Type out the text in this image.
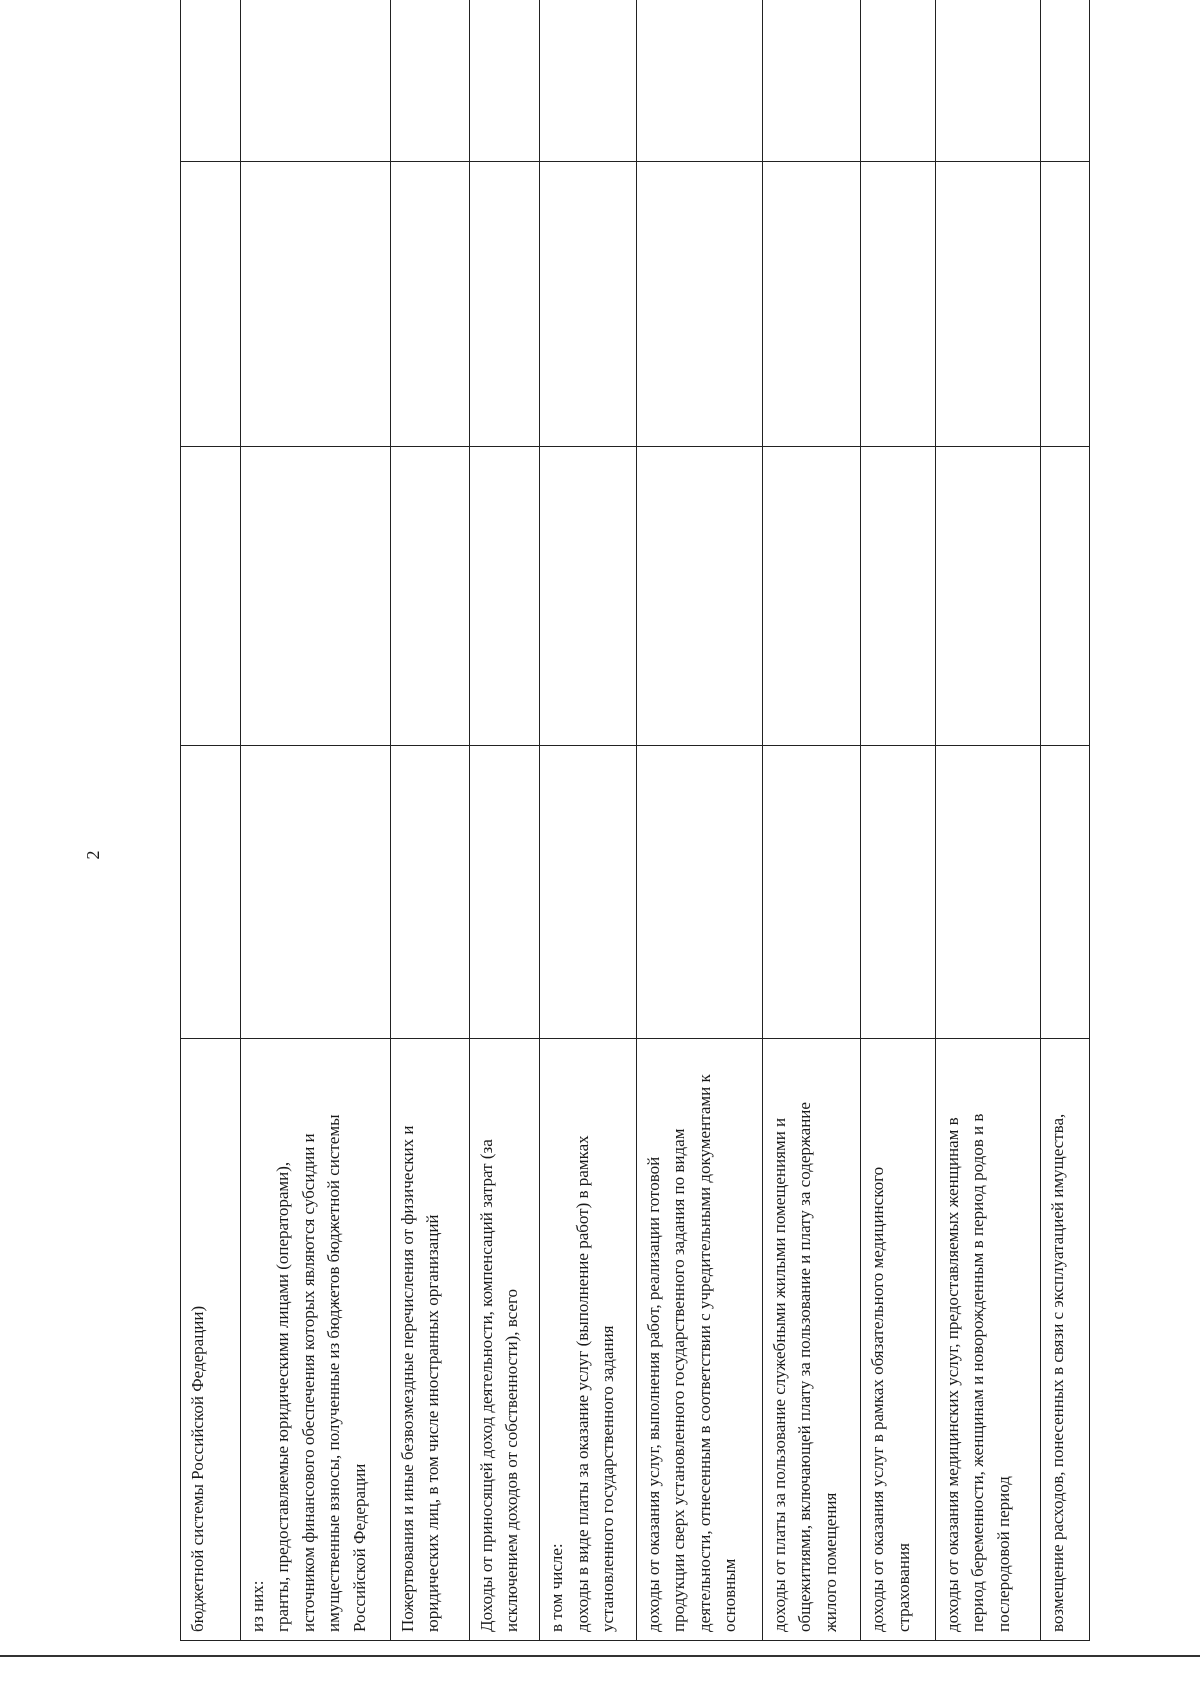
2
бюджетной системы Российской Федерации)				

из них: гранты, предоставляемые юридическими лицами (операторами), источником финансового обеспечения которых являются субсидии и имущественные взносы, полученные из бюджетов бюджетной системы Российской Федерации				

Пожертвования и иные безвозмездные перечисления от физических и юридических лиц, в том числе иностранных организаций				

Доходы от приносящей доход деятельности, компенсаций затрат (за исключением доходов от собственности), всего				

в том числе: доходы в виде платы за оказание услуг (выполнение работ) в рамках установленного государственного задания				

доходы от оказания услуг, выполнения работ, реализации готовой продукции сверх установленного государственного задания по видам деятельности, отнесенным в соответствии с учредительными документами к основным				

доходы от платы за пользование служебными жилыми помещениями и общежитиями, включающей плату за пользование и плату за содержание жилого помещения				

доходы от оказания услуг в рамках обязательного медицинского страхования				

доходы от оказания медицинских услуг, предоставляемых женщинам в период беременности, женщинам и новорожденным в период родов и в послеродовой период				

возмещение расходов, понесенных в связи с эксплуатацией имущества,				
